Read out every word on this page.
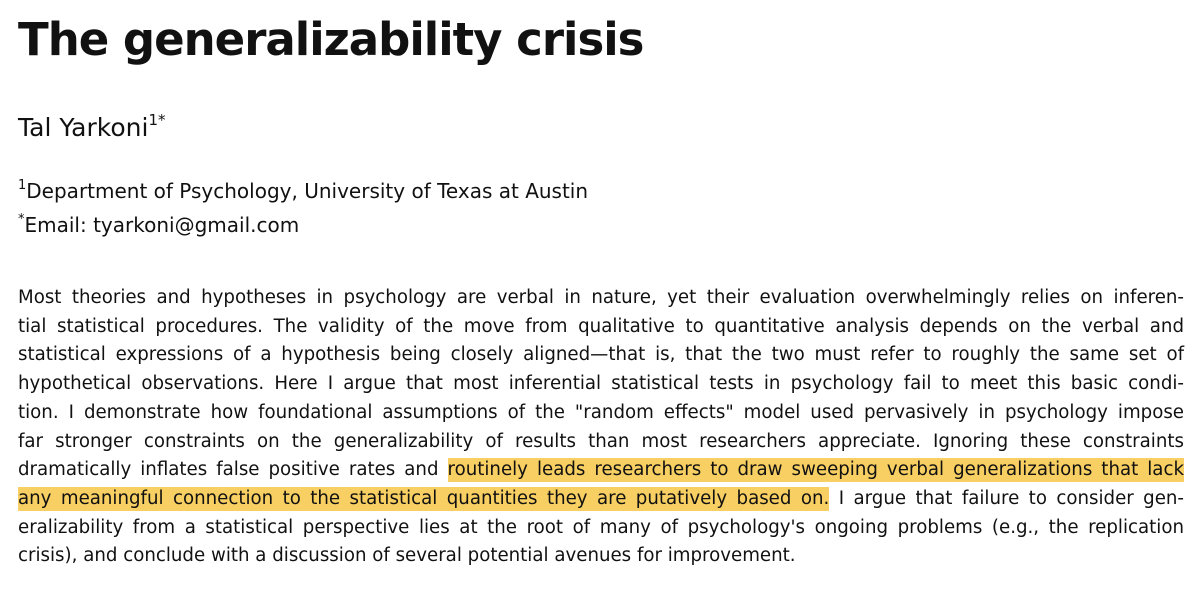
The generalizability crisis
Tal Yarkoni$^{1*}$
$^1$Department of Psychology, University of Texas at Austin
*Email: tyarkoni@gmail.com
Most theories and hypotheses in psychology are verbal in nature, yet their evaluation overwhelmingly relies on inferen-
tial statistical procedures. The validity of the move from qualitative to quantitative analysis depends on the verbal and
statistical expressions of a hypothesis being closely aligned—that is, that the two must refer to roughly the same set of
hypothetical observations. Here I argue that most inferential statistical tests in psychology fail to meet this basic condi-
tion. I demonstrate how foundational assumptions of the "random effects" model used pervasively in psychology impose
far stronger constraints on the generalizability of results than most researchers appreciate. Ignoring these constraints
dramatically inflates false positive rates and routinely leads researchers to draw sweeping verbal generalizations that lack
any meaningful connection to the statistical quantities they are putatively based on. I argue that failure to consider gen-
eralizability from a statistical perspective lies at the root of many of psychology's ongoing problems (e.g., the replication
crisis), and conclude with a discussion of several potential avenues for improvement.
